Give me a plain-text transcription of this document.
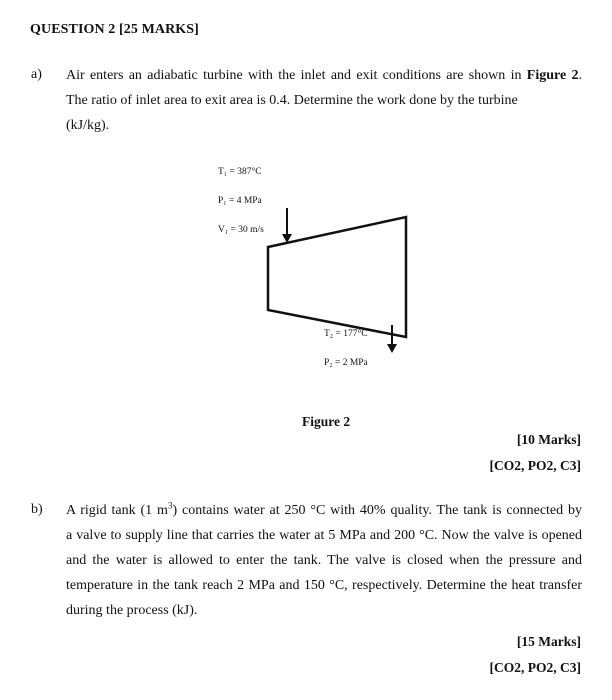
QUESTION 2 [25 MARKS]
a) Air enters an adiabatic turbine with the inlet and exit conditions are shown in Figure 2.
The ratio of inlet area to exit area is 0.4. Determine the work done by the turbine
(kJ/kg).
T₁ = 387°C
P₁ = 4 MPa
V₁ = 30 m/s
T₂ = 177°C
P₂ = 2 MPa
Figure 2
[10 Marks]
[CO2, PO2, C3]
b) A rigid tank (1 $m^3$) contains water at 250 °C with 40% quality. The tank is connected by
a valve to supply line that carries the water at 5 MPa and 200 °C. Now the valve is opened
and the water is allowed to enter the tank. The valve is closed when the pressure and
temperature in the tank reach 2 MPa and 150 °C, respectively. Determine the heat transfer
during the process (kJ).
[15 Marks]
[CO2, PO2, C3]
